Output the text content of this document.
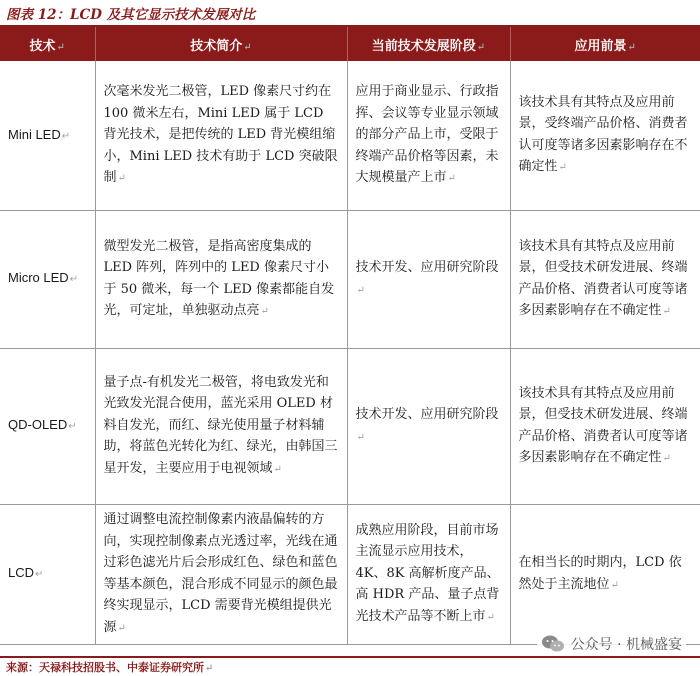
图表 12：LCD 及其它显示技术发展对比
技术↵	技术简介↵	当前技术发展阶段↵	应用前景↵
Mini LED↵	次毫米发光二极管，LED 像素尺寸约在 100 微米左右，Mini LED 属于 LCD 背光技术，是把传统的 LED 背光模组缩小，Mini LED 技术有助于 LCD 突破限制↵	应用于商业显示、行政指挥、会议等专业显示领域的部分产品上市，受限于终端产品价格等因素，未大规模量产上市↵	该技术具有其特点及应用前景，受终端产品价格、消费者认可度等诸多因素影响存在不确定性↵
Micro LED↵	微型发光二极管，是指高密度集成的 LED 阵列，阵列中的 LED 像素尺寸小于 50 微米，每一个 LED 像素都能自发光，可定址，单独驱动点亮↵	技术开发、应用研究阶段↵	该技术具有其特点及应用前景，但受技术研发进展、终端产品价格、消费者认可度等诸多因素影响存在不确定性↵
QD-OLED↵	量子点-有机发光二极管，将电致发光和光致发光混合使用，蓝光采用 OLED 材料自发光，而红、绿光使用量子材料辅助，将蓝色光转化为红、绿光，由韩国三星开发，主要应用于电视领域↵	技术开发、应用研究阶段↵	该技术具有其特点及应用前景，但受技术研发进展、终端产品价格、消费者认可度等诸多因素影响存在不确定性↵
LCD↵	通过调整电流控制像素内液晶偏转的方向，实现控制像素点光透过率，光线在通过彩色滤光片后会形成红色、绿色和蓝色等基本颜色，混合形成不同显示的颜色最终实现显示，LCD 需要背光模组提供光源↵	成熟应用阶段，目前市场主流显示应用技术，4K、8K 高解析度产品、高 HDR 产品、量子点背光技术产品等不断上市↵	在相当长的时期内，LCD 依然处于主流地位↵
公众号 · 机械盛宴
来源：天禄科技招股书、中泰证券研究所↵
